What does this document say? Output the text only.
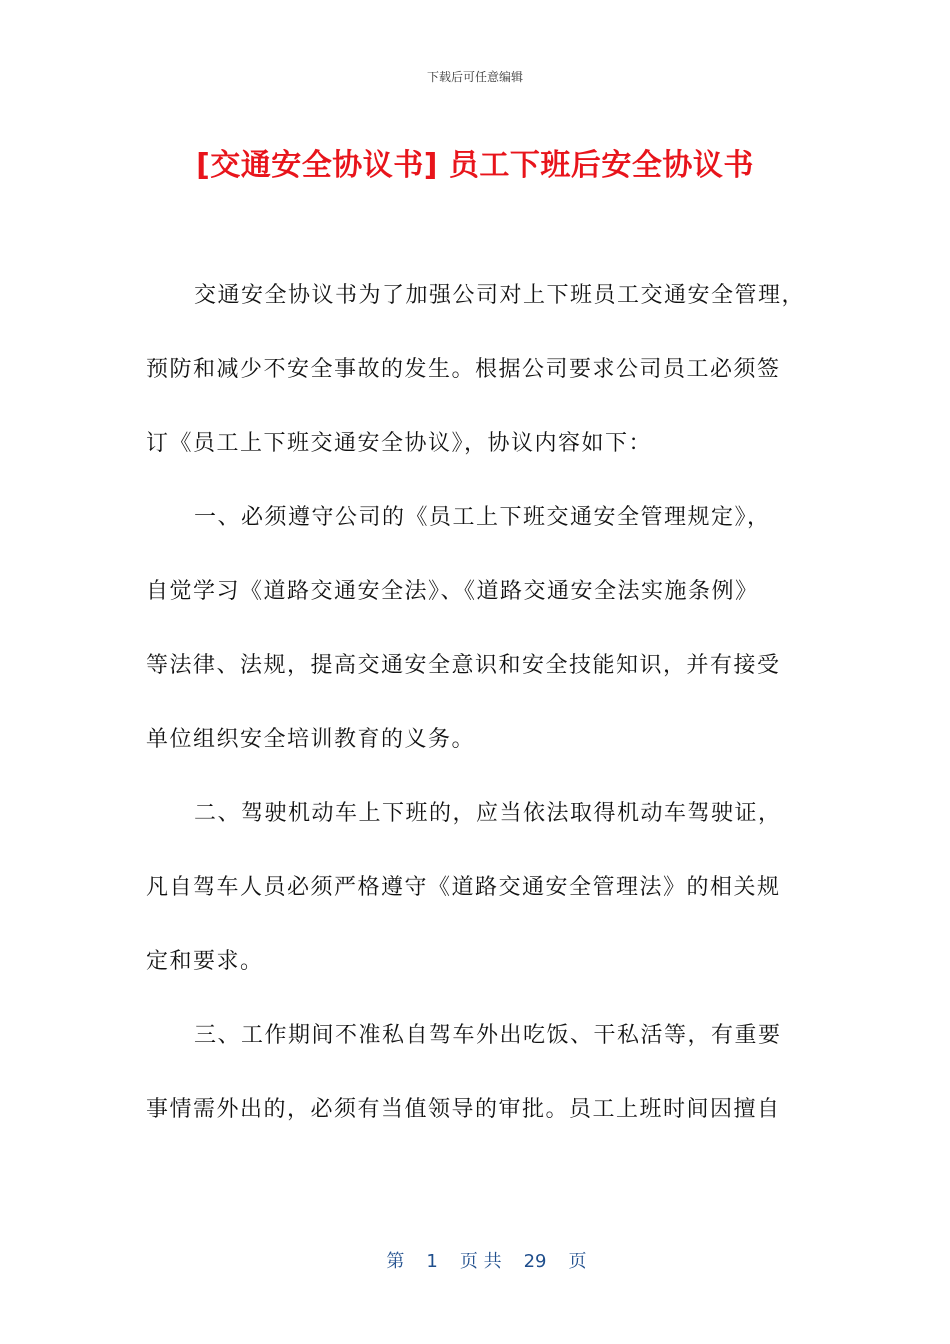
下载后可任意编辑
[交通安全协议书] 员工下班后安全协议书
交通安全协议书为了加强公司对上下班员工交通安全管理，
预防和减少不安全事故的发生。根据公司要求公司员工必须签
订《员工上下班交通安全协议》，协议内容如下：
一、必须遵守公司的《员工上下班交通安全管理规定》，
自觉学习《道路交通安全法》、《道路交通安全法实施条例》
等法律、法规，提高交通安全意识和安全技能知识，并有接受
单位组织安全培训教育的义务。
二、驾驶机动车上下班的，应当依法取得机动车驾驶证，
凡自驾车人员必须严格遵守《道路交通安全管理法》的相关规
定和要求。
三、工作期间不准私自驾车外出吃饭、干私活等，有重要
事情需外出的，必须有当值领导的审批。员工上班时间因擅自

第 1 页 共 29 页
